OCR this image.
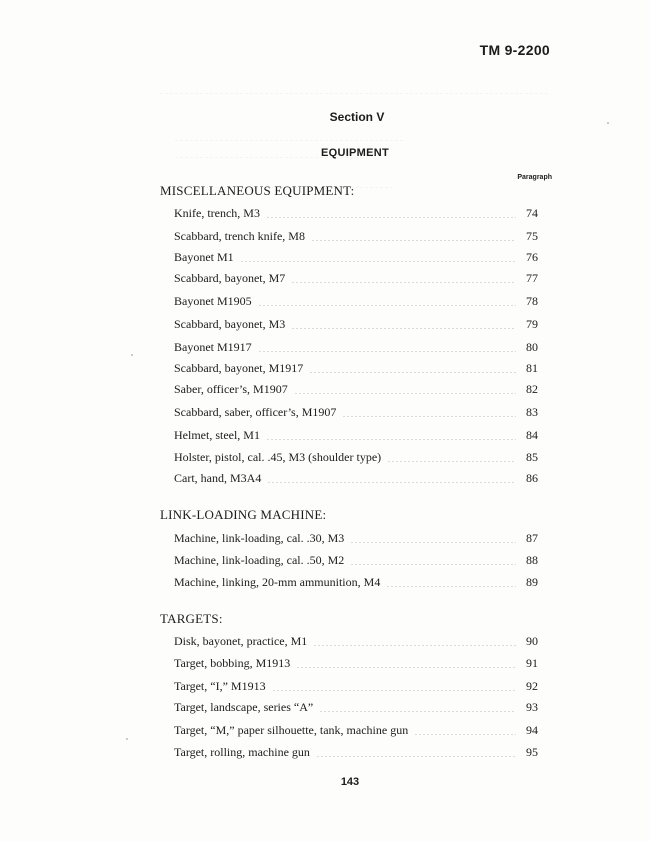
TM 9-2200
Section V
EQUIPMENT
Paragraph
MISCELLANEOUS EQUIPMENT:
Knife, trench, M3	74
Scabbard, trench knife, M8	75
Bayonet M1	76
Scabbard, bayonet, M7	77
Bayonet M1905	78
Scabbard, bayonet, M3	79
Bayonet M1917	80
Scabbard, bayonet, M1917	81
Saber, officer’s, M1907	82
Scabbard, saber, officer’s, M1907	83
Helmet, steel, M1	84
Holster, pistol, cal. .45, M3 (shoulder type)	85
Cart, hand, M3A4	86
LINK-LOADING MACHINE:
Machine, link-loading, cal. .30, M3	87
Machine, link-loading, cal. .50, M2	88
Machine, linking, 20-mm ammunition, M4	89
TARGETS:
Disk, bayonet, practice, M1	90
Target, bobbing, M1913	91
Target, “I,” M1913	92
Target, landscape, series “A”	93
Target, “M,” paper silhouette, tank, machine gun	94
Target, rolling, machine gun	95
143
